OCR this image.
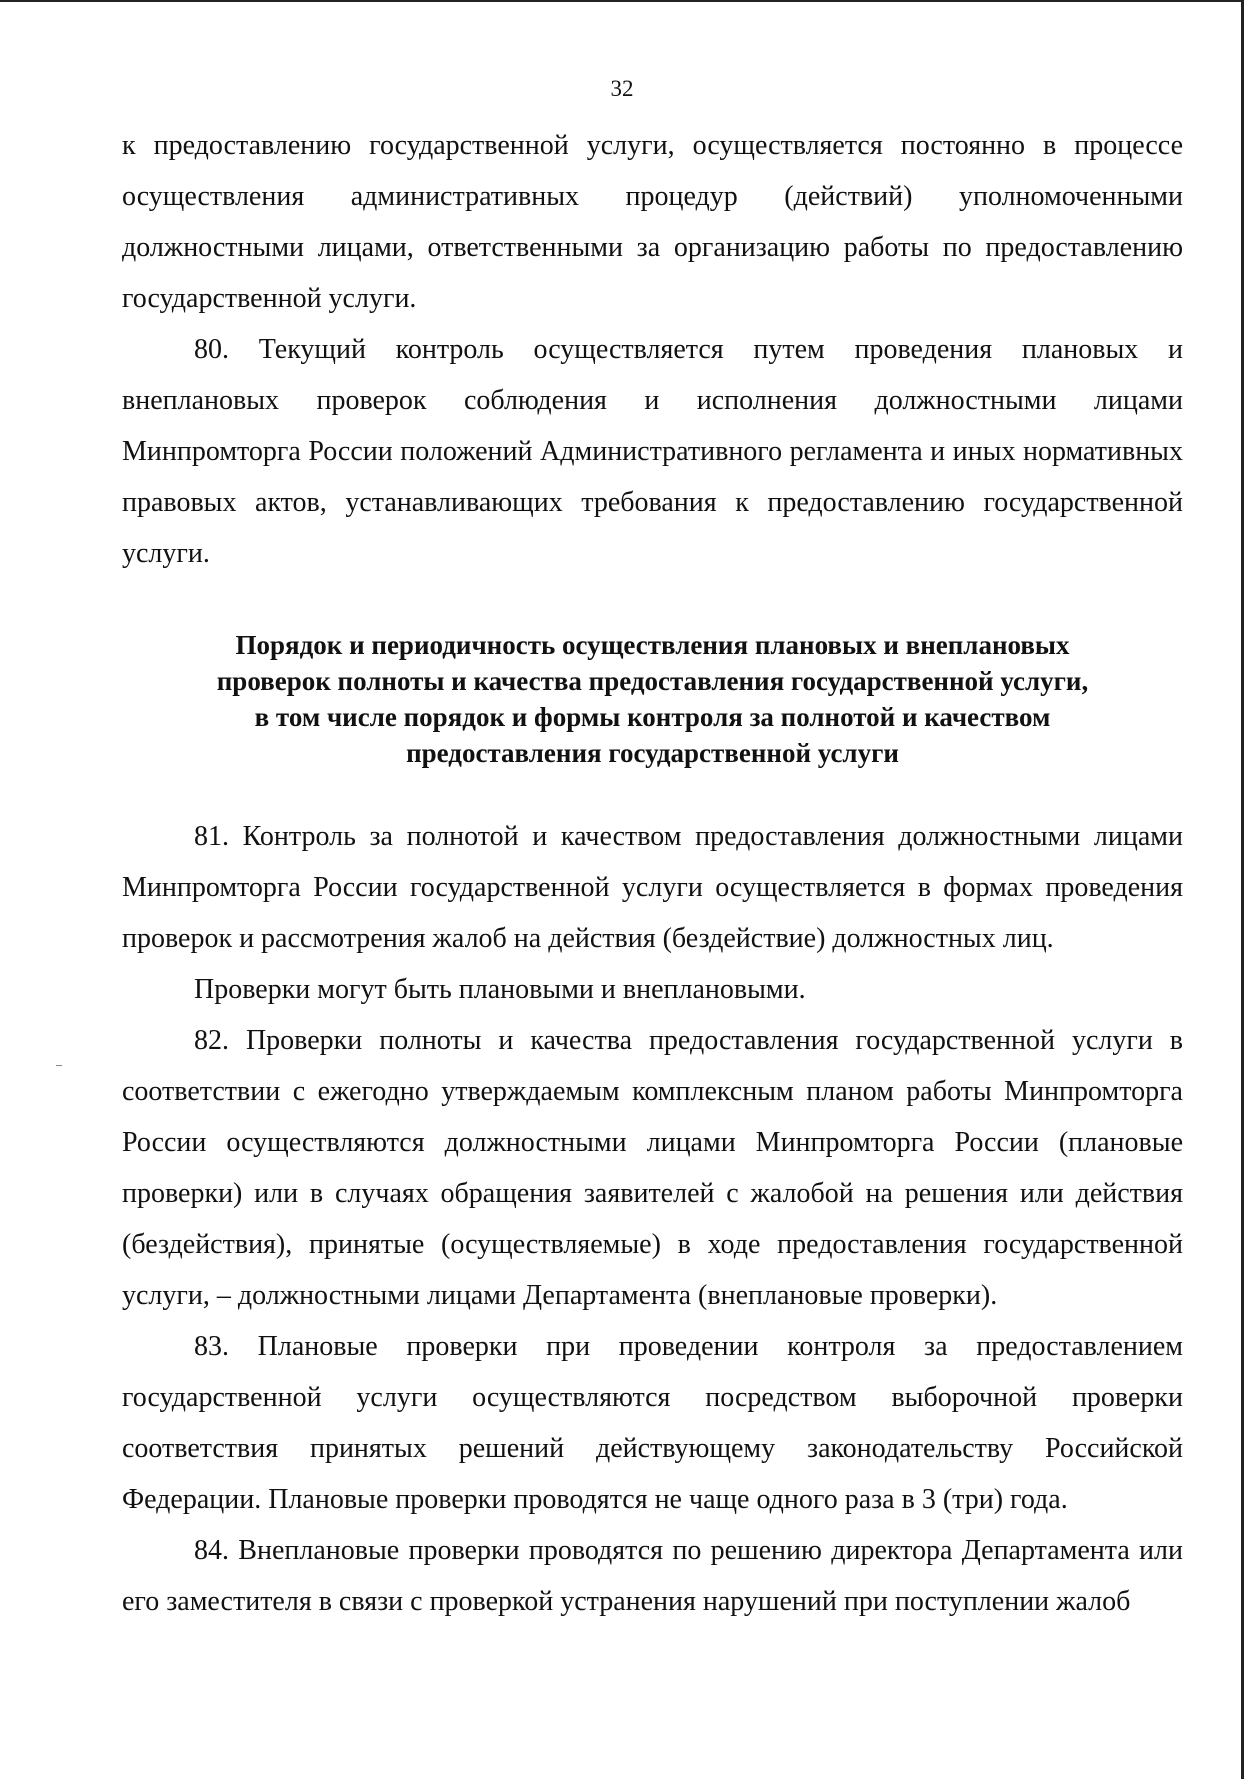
32

к предоставлению государственной услуги, осуществляется постоянно в процессе осуществления административных процедур (действий) уполномоченными должностными лицами, ответственными за организацию работы по предоставлению государственной услуги.

80. Текущий контроль осуществляется путем проведения плановых и внеплановых проверок соблюдения и исполнения должностными лицами Минпромторга России положений Административного регламента и иных нормативных правовых актов, устанавливающих требования к предоставлению государственной услуги.

Порядок и периодичность осуществления плановых и внеплановых
проверок полноты и качества предоставления государственной услуги,
в том числе порядок и формы контроля за полнотой и качеством
предоставления государственной услуги

81. Контроль за полнотой и качеством предоставления должностными лицами Минпромторга России государственной услуги осуществляется в формах проведения проверок и рассмотрения жалоб на действия (бездействие) должностных лиц.

Проверки могут быть плановыми и внеплановыми.

82. Проверки полноты и качества предоставления государственной услуги в соответствии с ежегодно утверждаемым комплексным планом работы Минпромторга России осуществляются должностными лицами Минпромторга России (плановые проверки) или в случаях обращения заявителей с жалобой на решения или действия (бездействия), принятые (осуществляемые) в ходе предоставления государственной услуги, – должностными лицами Департамента (внеплановые проверки).

83. Плановые проверки при проведении контроля за предоставлением государственной услуги осуществляются посредством выборочной проверки соответствия принятых решений действующему законодательству Российской Федерации. Плановые проверки проводятся не чаще одного раза в 3 (три) года.

84. Внеплановые проверки проводятся по решению директора Департамента или его заместителя в связи с проверкой устранения нарушений при поступлении жалоб
